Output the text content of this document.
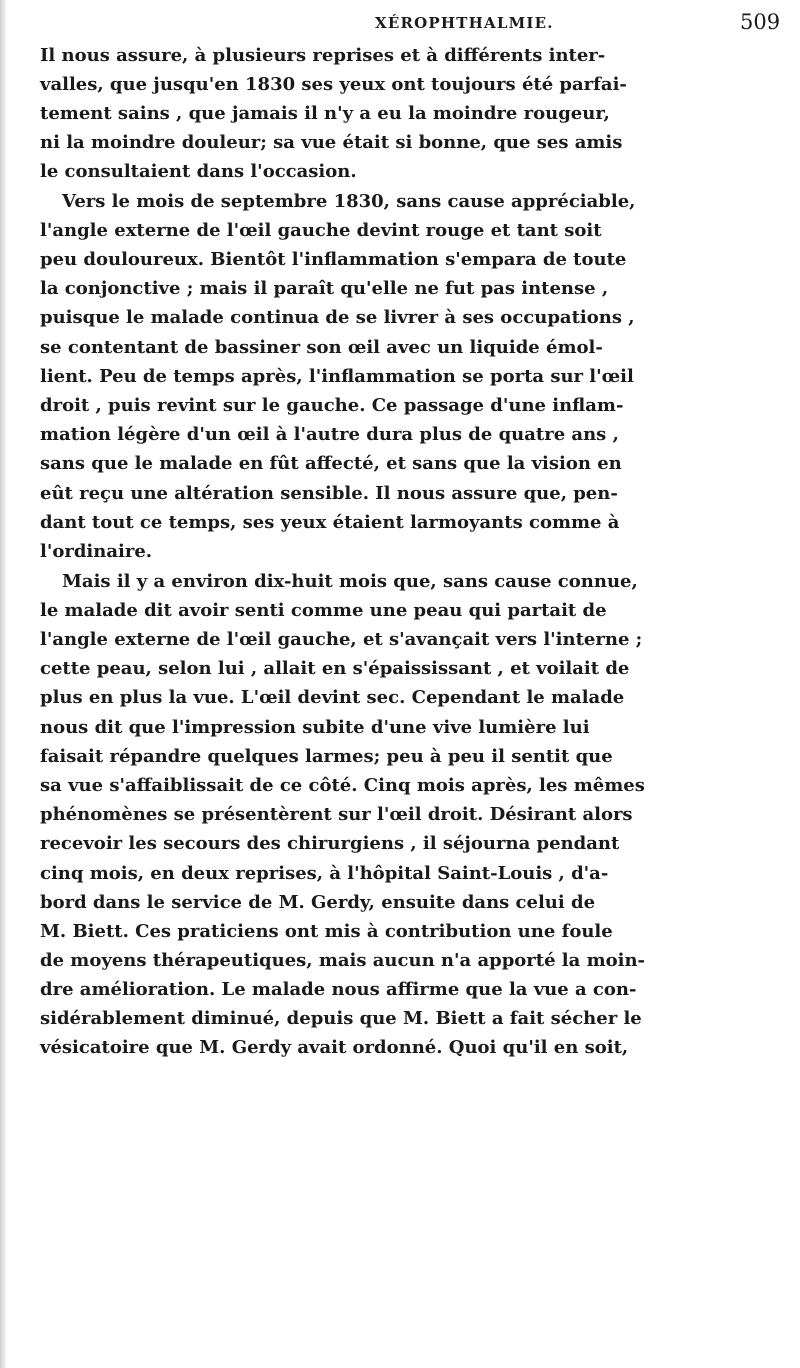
XÉROPHTHALMIE.	509
Il nous assure, à plusieurs reprises et à différents inter-
valles, que jusqu'en 1830 ses yeux ont toujours été parfai-
tement sains , que jamais il n'y a eu la moindre rougeur,
ni la moindre douleur; sa vue était si bonne, que ses amis
le consultaient dans l'occasion.
Vers le mois de septembre 1830, sans cause appréciable,
l'angle externe de l'œil gauche devint rouge et tant soit
peu douloureux. Bientôt l'inflammation s'empara de toute
la conjonctive ; mais il paraît qu'elle ne fut pas intense ,
puisque le malade continua de se livrer à ses occupations ,
se contentant de bassiner son œil avec un liquide émol-
lient. Peu de temps après, l'inflammation se porta sur l'œil
droit , puis revint sur le gauche. Ce passage d'une inflam-
mation légère d'un œil à l'autre dura plus de quatre ans ,
sans que le malade en fût affecté, et sans que la vision en
eût reçu une altération sensible. Il nous assure que, pen-
dant tout ce temps, ses yeux étaient larmoyants comme à
l'ordinaire.
Mais il y a environ dix-huit mois que, sans cause connue,
le malade dit avoir senti comme une peau qui partait de
l'angle externe de l'œil gauche, et s'avançait vers l'interne ;
cette peau, selon lui , allait en s'épaississant , et voilait de
plus en plus la vue. L'œil devint sec. Cependant le malade
nous dit que l'impression subite d'une vive lumière lui
faisait répandre quelques larmes; peu à peu il sentit que
sa vue s'affaiblissait de ce côté. Cinq mois après, les mêmes
phénomènes se présentèrent sur l'œil droit. Désirant alors
recevoir les secours des chirurgiens , il séjourna pendant
cinq mois, en deux reprises, à l'hôpital Saint-Louis , d'a-
bord dans le service de M. Gerdy, ensuite dans celui de
M. Biett. Ces praticiens ont mis à contribution une foule
de moyens thérapeutiques, mais aucun n'a apporté la moin-
dre amélioration. Le malade nous affirme que la vue a con-
sidérablement diminué, depuis que M. Biett a fait sécher le
vésicatoire que M. Gerdy avait ordonné. Quoi qu'il en soit,
